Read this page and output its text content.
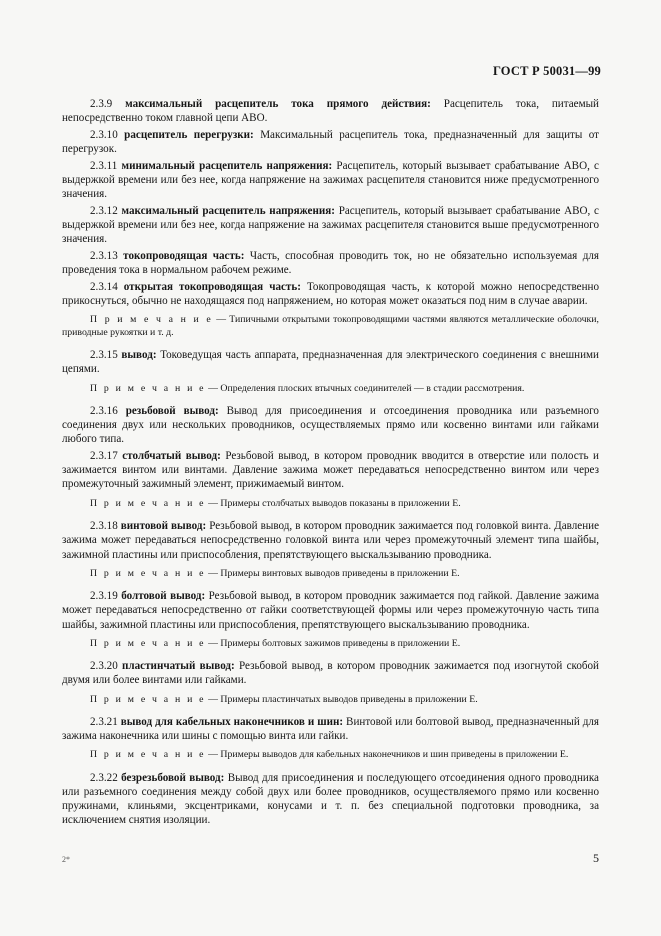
ГОСТ Р 50031—99

2.3.9 максимальный расцепитель тока прямого действия: Расцепитель тока, питаемый непосредственно током главной цепи АВО.

2.3.10 расцепитель перегрузки: Максимальный расцепитель тока, предназначенный для защиты от перегрузок.

2.3.11 минимальный расцепитель напряжения: Расцепитель, который вызывает срабатывание АВО, с выдержкой времени или без нее, когда напряжение на зажимах расцепителя становится ниже предусмотренного значения.

2.3.12 максимальный расцепитель напряжения: Расцепитель, который вызывает срабатывание АВО, с выдержкой времени или без нее, когда напряжение на зажимах расцепителя становится выше предусмотренного значения.

2.3.13 токопроводящая часть: Часть, способная проводить ток, но не обязательно используемая для проведения тока в нормальном рабочем режиме.

2.3.14 открытая токопроводящая часть: Токопроводящая часть, к которой можно непосредственно прикоснуться, обычно не находящаяся под напряжением, но которая может оказаться под ним в случае аварии.

П р и м е ч а н и е — Типичными открытыми токопроводящими частями являются металлические оболочки, приводные рукоятки и т. д.

2.3.15 вывод: Токоведущая часть аппарата, предназначенная для электрического соединения с внешними цепями.

П р и м е ч а н и е — Определения плоских втычных соединителей — в стадии рассмотрения.

2.3.16 резьбовой вывод: Вывод для присоединения и отсоединения проводника или разъемного соединения двух или нескольких проводников, осуществляемых прямо или косвенно винтами или гайками любого типа.

2.3.17 столбчатый вывод: Резьбовой вывод, в котором проводник вводится в отверстие или полость и зажимается винтом или винтами. Давление зажима может передаваться непосредственно винтом или через промежуточный зажимный элемент, прижимаемый винтом.

П р и м е ч а н и е — Примеры столбчатых выводов показаны в приложении Е.

2.3.18 винтовой вывод: Резьбовой вывод, в котором проводник зажимается под головкой винта. Давление зажима может передаваться непосредственно головкой винта или через промежуточный элемент типа шайбы, зажимной пластины или приспособления, препятствующего выскальзыванию проводника.

П р и м е ч а н и е — Примеры винтовых выводов приведены в приложении Е.

2.3.19 болтовой вывод: Резьбовой вывод, в котором проводник зажимается под гайкой. Давление зажима может передаваться непосредственно от гайки соответствующей формы или через промежуточную часть типа шайбы, зажимной пластины или приспособления, препятствующего выскальзыванию проводника.

П р и м е ч а н и е — Примеры болтовых зажимов приведены в приложении Е.

2.3.20 пластинчатый вывод: Резьбовой вывод, в котором проводник зажимается под изогнутой скобой двумя или более винтами или гайками.

П р и м е ч а н и е — Примеры пластинчатых выводов приведены в приложении Е.

2.3.21 вывод для кабельных наконечников и шин: Винтовой или болтовой вывод, предназначенный для зажима наконечника или шины с помощью винта или гайки.

П р и м е ч а н и е — Примеры выводов для кабельных наконечников и шин приведены в приложении Е.

2.3.22 безрезьбовой вывод: Вывод для присоединения и последующего отсоединения одного проводника или разъемного соединения между собой двух или более проводников, осуществляемого прямо или косвенно пружинами, клиньями, эксцентриками, конусами и т. п. без специальной подготовки проводника, за исключением снятия изоляции.

2*	5
